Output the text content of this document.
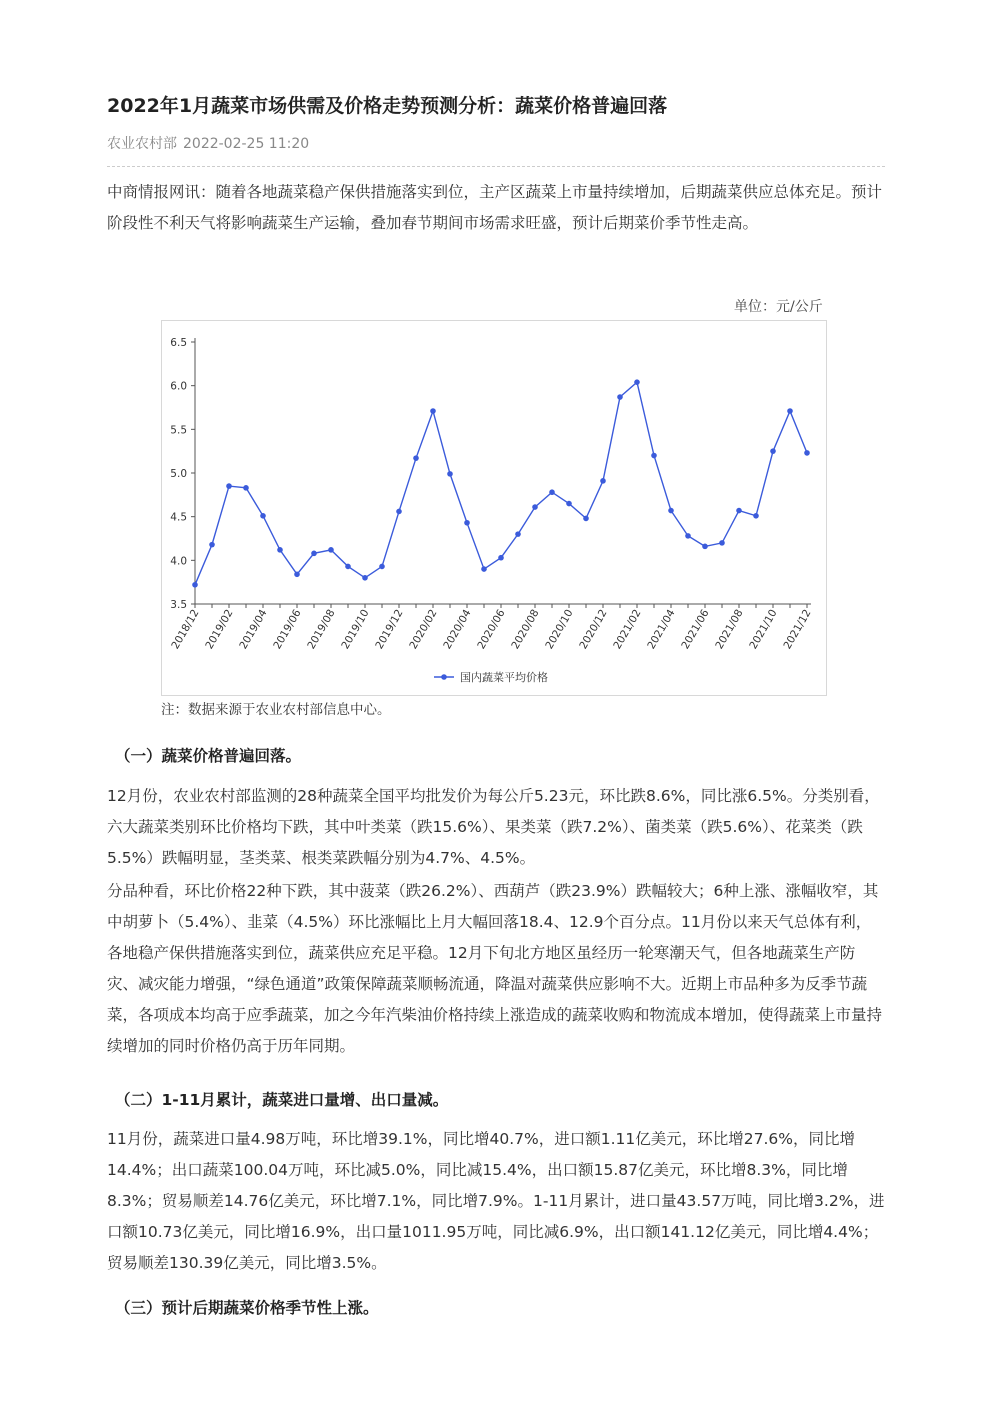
2022年1月蔬菜市场供需及价格走势预测分析：蔬菜价格普遍回落
农业农村部 2022-02-25 11:20

中商情报网讯：随着各地蔬菜稳产保供措施落实到位，主产区蔬菜上市量持续增加，后期蔬菜供应总体充足。预计阶段性不利天气将影响蔬菜生产运输，叠加春节期间市场需求旺盛，预计后期菜价季节性走高。

（一）蔬菜价格普遍回落。

12月份，农业农村部监测的28种蔬菜全国平均批发价为每公斤5.23元，环比跌8.6%，同比涨6.5%。分类别看，六大蔬菜类别环比价格均下跌，其中叶类菜（跌15.6%）、果类菜（跌7.2%）、菌类菜（跌5.6%）、花菜类（跌5.5%）跌幅明显，茎类菜、根类菜跌幅分别为4.7%、4.5%。

分品种看，环比价格22种下跌，其中菠菜（跌26.2%）、西葫芦（跌23.9%）跌幅较大；6种上涨、涨幅收窄，其中胡萝卜（5.4%）、韭菜（4.5%）环比涨幅比上月大幅回落18.4、12.9个百分点。11月份以来天气总体有利，各地稳产保供措施落实到位，蔬菜供应充足平稳。12月下旬北方地区虽经历一轮寒潮天气，但各地蔬菜生产防灾、减灾能力增强，“绿色通道”政策保障蔬菜顺畅流通，降温对蔬菜供应影响不大。近期上市品种多为反季节蔬菜，各项成本均高于应季蔬菜，加之今年汽柴油价格持续上涨造成的蔬菜收购和物流成本增加，使得蔬菜上市量持续增加的同时价格仍高于历年同期。

（二）1-11月累计，蔬菜进口量增、出口量减。

11月份，蔬菜进口量4.98万吨，环比增39.1%，同比增40.7%，进口额1.11亿美元，环比增27.6%，同比增14.4%；出口蔬菜100.04万吨，环比减5.0%，同比减15.4%，出口额15.87亿美元，环比增8.3%，同比增8.3%；贸易顺差14.76亿美元，环比增7.1%，同比增7.9%。1-11月累计，进口量43.57万吨，同比增3.2%，进口额10.73亿美元，同比增16.9%，出口量1011.95万吨，同比减6.9%，出口额141.12亿美元，同比增4.4%；贸易顺差130.39亿美元，同比增3.5%。

（三）预计后期蔬菜价格季节性上涨。

单位：元/公斤
2018/12 2019/02 2019/04 2019/06 2019/08 2019/10 2019/12 2020/02 2020/04 2020/06 2020/08 2020/10 2020/12 2021/02 2021/04 2021/06 2021/08 2021/10 2021/12
3.5
4.0
4.5
5.0
5.5
6.0
6.5
国内蔬菜平均价格
注：数据来源于农业农村部信息中心。
